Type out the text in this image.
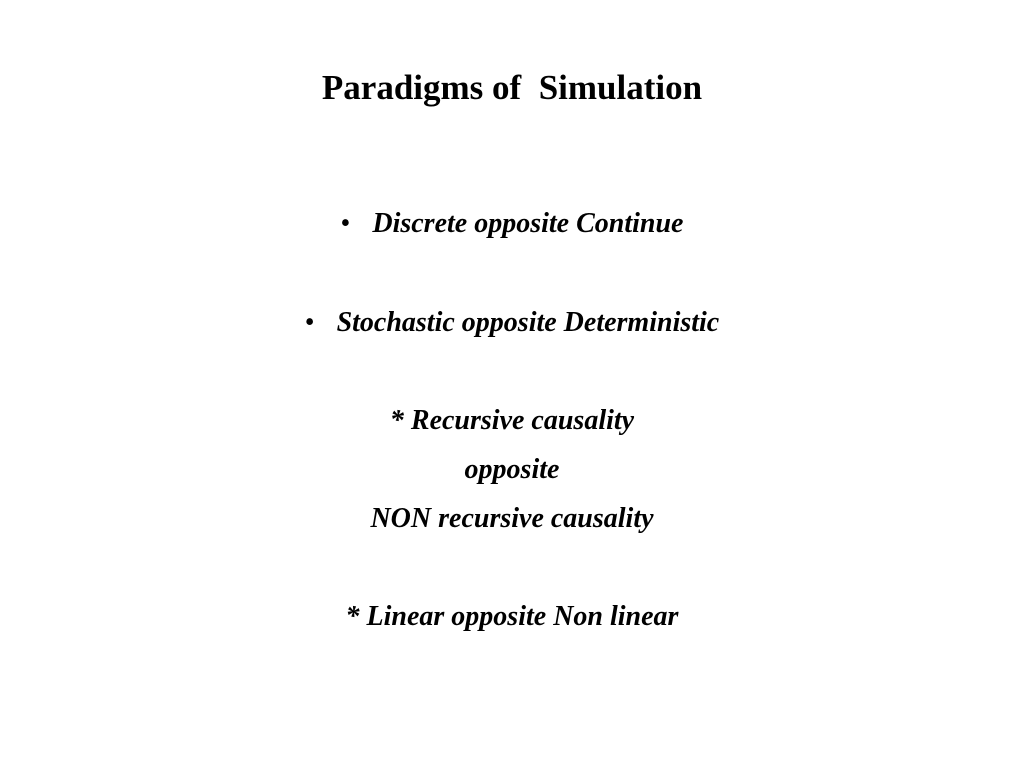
Paradigms of  Simulation
• Discrete opposite Continue
• Stochastic opposite Deterministic
* Recursive causality
opposite
NON recursive causality
* Linear opposite Non linear
